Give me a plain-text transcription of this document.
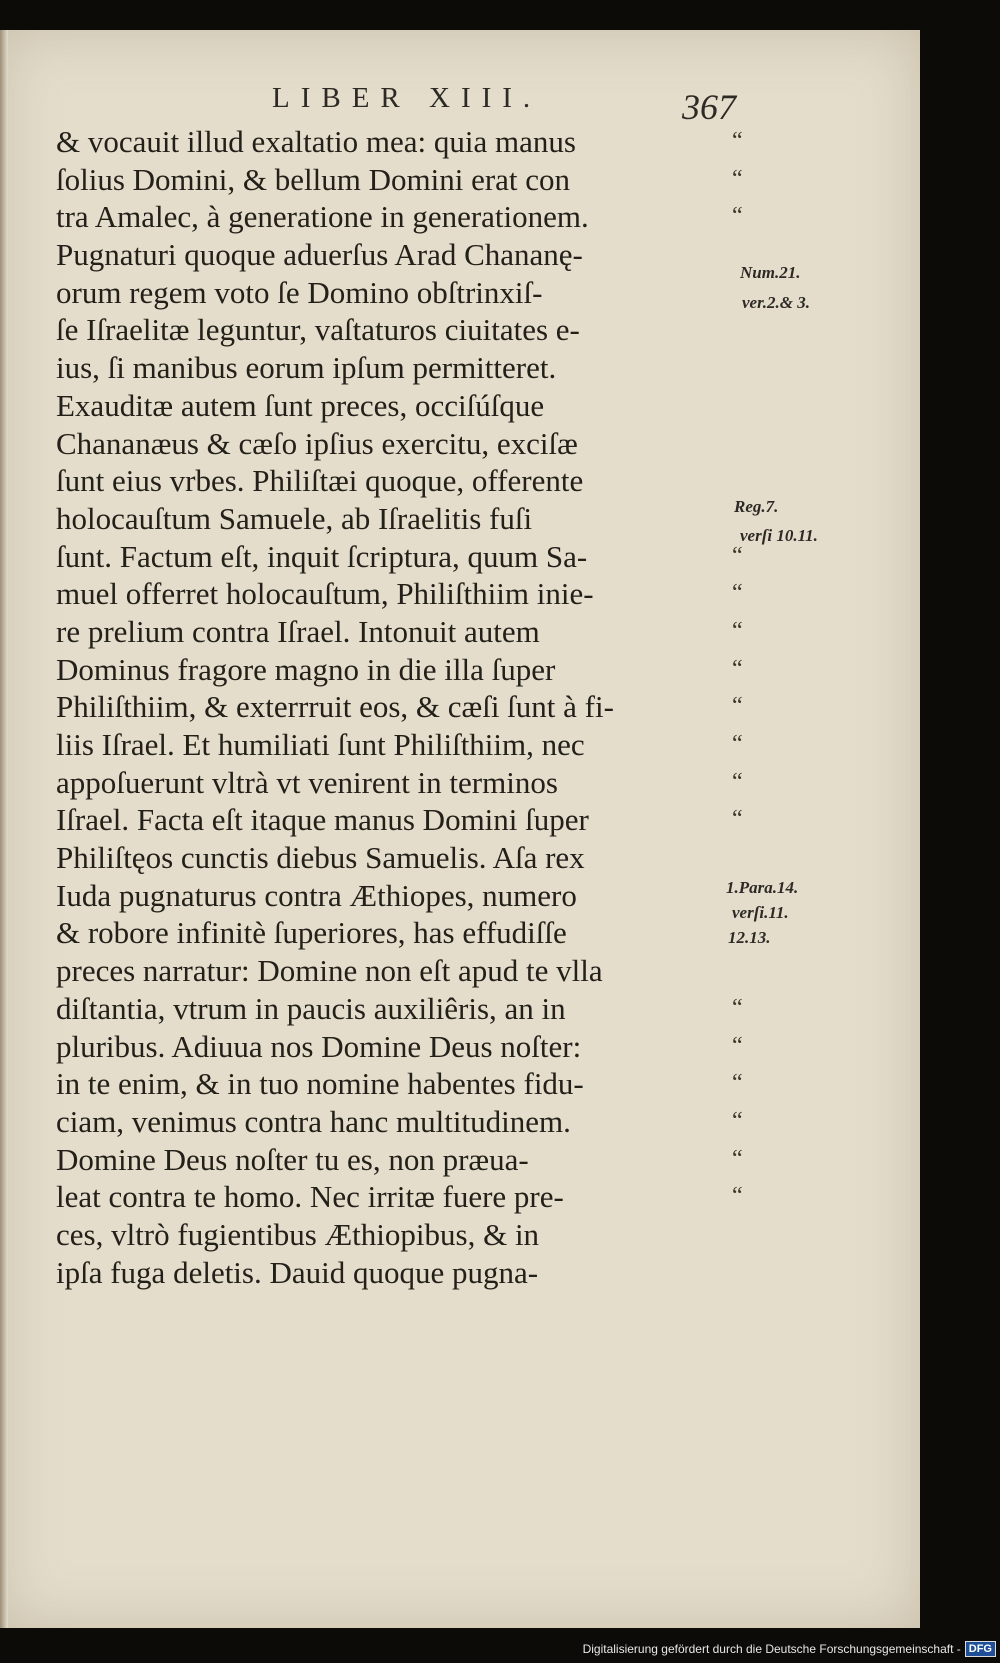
LIBER XIII.	367
& vocauit illud exaltatio mea: quia manus	“
ſolius Domini, & bellum Domini erat con	“
tra Amalec, à generatione in generationem.	“
Pugnaturi quoque aduerſus Arad Chananę-
orum regem voto ſe Domino obſtrinxiſ-
ſe Iſraelitæ leguntur, vaſtaturos ciuitates e-
ius, ſi manibus eorum ipſum permitteret.
Exauditæ autem ſunt preces, occiſúſque
Chananæus & cæſo ipſius exercitu, exciſæ
ſunt eius vrbes. Philiſtæi quoque, offerente
holocauſtum Samuele, ab Iſraelitis fuſi
ſunt. Factum eſt, inquit ſcriptura, quum Sa-	“
muel offerret holocauſtum, Philiſthiim inie-	“
re prelium contra Iſrael. Intonuit autem	“
Dominus fragore magno in die illa ſuper	“
Philiſthiim, & exterrruit eos, & cæſi ſunt à fi-	“
liis Iſrael. Et humiliati ſunt Philiſthiim, nec	“
appoſuerunt vltrà vt venirent in terminos	“
Iſrael. Facta eſt itaque manus Domini ſuper	“
Philiſtęos cunctis diebus Samuelis. Aſa rex
Iuda pugnaturus contra Æthiopes, numero
& robore infinitè ſuperiores, has effudiſſe
preces narratur: Domine non eſt apud te vlla
diſtantia, vtrum in paucis auxiliêris, an in	“
pluribus. Adiuua nos Domine Deus noſter:	“
in te enim, & in tuo nomine habentes fidu-	“
ciam, venimus contra hanc multitudinem.	“
Domine Deus noſter tu es, non præua-	“
leat contra te homo. Nec irritæ fuere pre-	“
ces, vltrò fugientibus Æthiopibus, & in
ipſa fuga deletis. Dauid quoque pugna-
Num.21.
ver.2.& 3.
Reg.7.
verſi 10.11.
1.Para.14.
verſi.11.
12.13.
Digitalisierung gefördert durch die Deutsche Forschungsgemeinschaft - DFG
